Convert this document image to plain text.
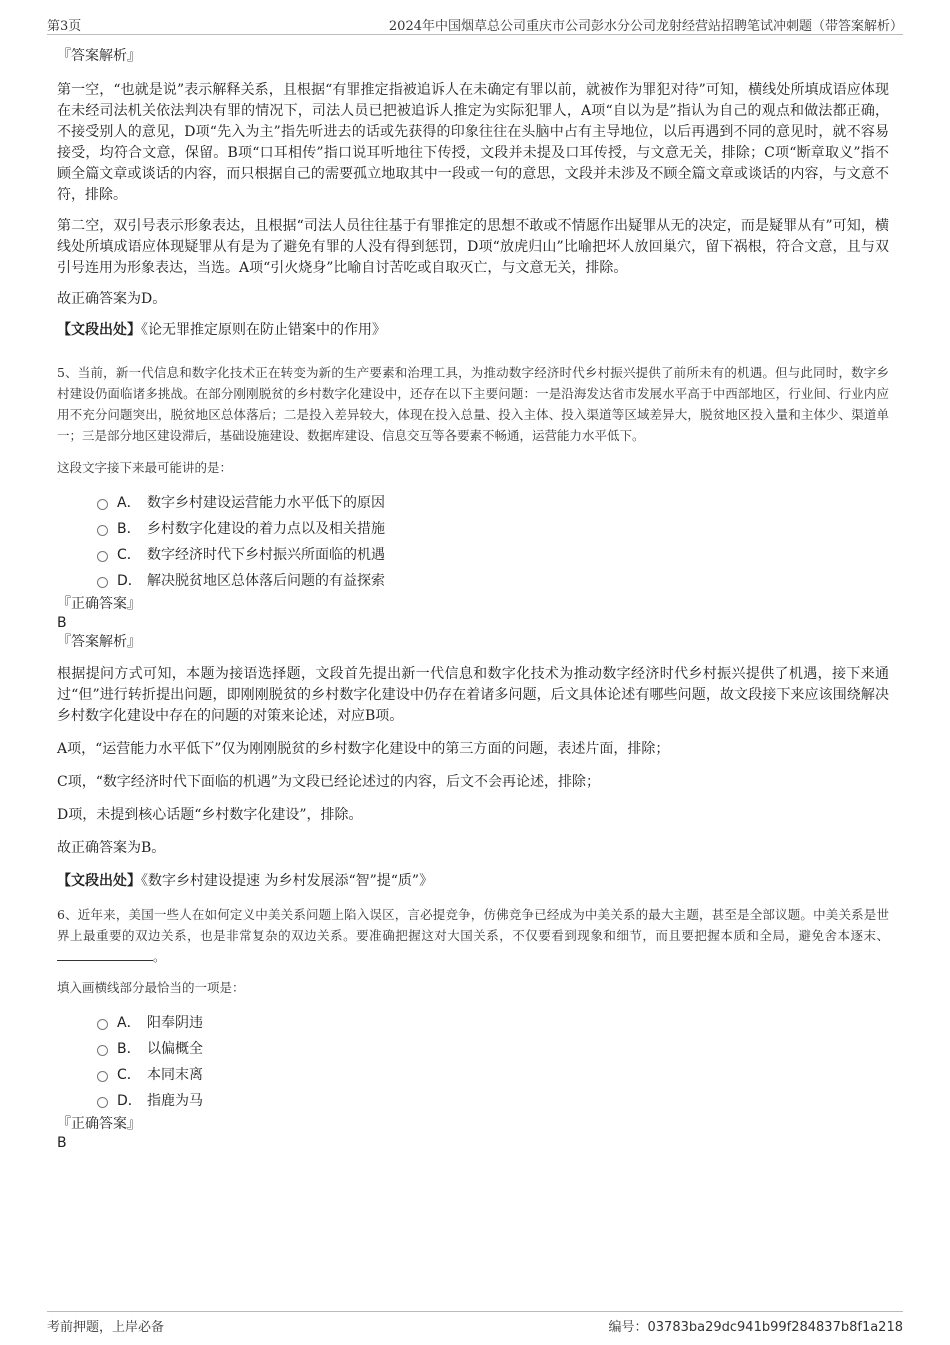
第3页	2024年中国烟草总公司重庆市公司彭水分公司龙射经营站招聘笔试冲刺题（带答案解析）

『答案解析』

第一空，“也就是说”表示解释关系，且根据“有罪推定指被追诉人在未确定有罪以前，就被作为罪犯对待”可知，横线处所填成语应体现在未经司法机关依法判决有罪的情况下，司法人员已把被追诉人推定为实际犯罪人，A项“自以为是”指认为自己的观点和做法都正确，不接受别人的意见，D项“先入为主”指先听进去的话或先获得的印象往往在头脑中占有主导地位，以后再遇到不同的意见时，就不容易接受，均符合文意，保留。B项“口耳相传”指口说耳听地往下传授，文段并未提及口耳传授，与文意无关，排除；C项“断章取义”指不顾全篇文章或谈话的内容，而只根据自己的需要孤立地取其中一段或一句的意思，文段并未涉及不顾全篇文章或谈话的内容，与文意不符，排除。

第二空，双引号表示形象表达，且根据“司法人员往往基于有罪推定的思想不敢或不情愿作出疑罪从无的决定，而是疑罪从有”可知，横线处所填成语应体现疑罪从有是为了避免有罪的人没有得到惩罚，D项“放虎归山”比喻把坏人放回巢穴，留下祸根，符合文意，且与双引号连用为形象表达，当选。A项“引火烧身”比喻自讨苦吃或自取灭亡，与文意无关，排除。

故正确答案为D。

【文段出处】《论无罪推定原则在防止错案中的作用》

5、当前，新一代信息和数字化技术正在转变为新的生产要素和治理工具，为推动数字经济时代乡村振兴提供了前所未有的机遇。但与此同时，数字乡村建设仍面临诸多挑战。在部分刚刚脱贫的乡村数字化建设中，还存在以下主要问题：一是沿海发达省市发展水平高于中西部地区，行业间、行业内应用不充分问题突出，脱贫地区总体落后；二是投入差异较大，体现在投入总量、投入主体、投入渠道等区域差异大，脱贫地区投入量和主体少、渠道单一；三是部分地区建设滞后，基础设施建设、数据库建设、信息交互等各要素不畅通，运营能力水平低下。

这段文字接下来最可能讲的是：

A． 数字乡村建设运营能力水平低下的原因
B． 乡村数字化建设的着力点以及相关措施
C． 数字经济时代下乡村振兴所面临的机遇
D． 解决脱贫地区总体落后问题的有益探索

『正确答案』

B

『答案解析』

根据提问方式可知，本题为接语选择题，文段首先提出新一代信息和数字化技术为推动数字经济时代乡村振兴提供了机遇，接下来通过“但”进行转折提出问题，即刚刚脱贫的乡村数字化建设中仍存在着诸多问题，后文具体论述有哪些问题，故文段接下来应该围绕解决乡村数字化建设中存在的问题的对策来论述，对应B项。

A项，“运营能力水平低下”仅为刚刚脱贫的乡村数字化建设中的第三方面的问题，表述片面，排除；

C项，“数字经济时代下面临的机遇”为文段已经论述过的内容，后文不会再论述，排除；

D项，未提到核心话题“乡村数字化建设”，排除。

故正确答案为B。

【文段出处】《数字乡村建设提速 为乡村发展添“智”提“质”》

6、近年来，美国一些人在如何定义中美关系问题上陷入误区，言必提竞争，仿佛竞争已经成为中美关系的最大主题，甚至是全部议题。中美关系是世界上最重要的双边关系，也是非常复杂的双边关系。要准确把握这对大国关系，不仅要看到现象和细节，而且要把握本质和全局，避免舍本逐末、。

填入画横线部分最恰当的一项是：

A． 阳奉阴违
B． 以偏概全
C． 本同末离
D． 指鹿为马

『正确答案』

B

考前押题，上岸必备	编号：03783ba29dc941b99f284837b8f1a218
